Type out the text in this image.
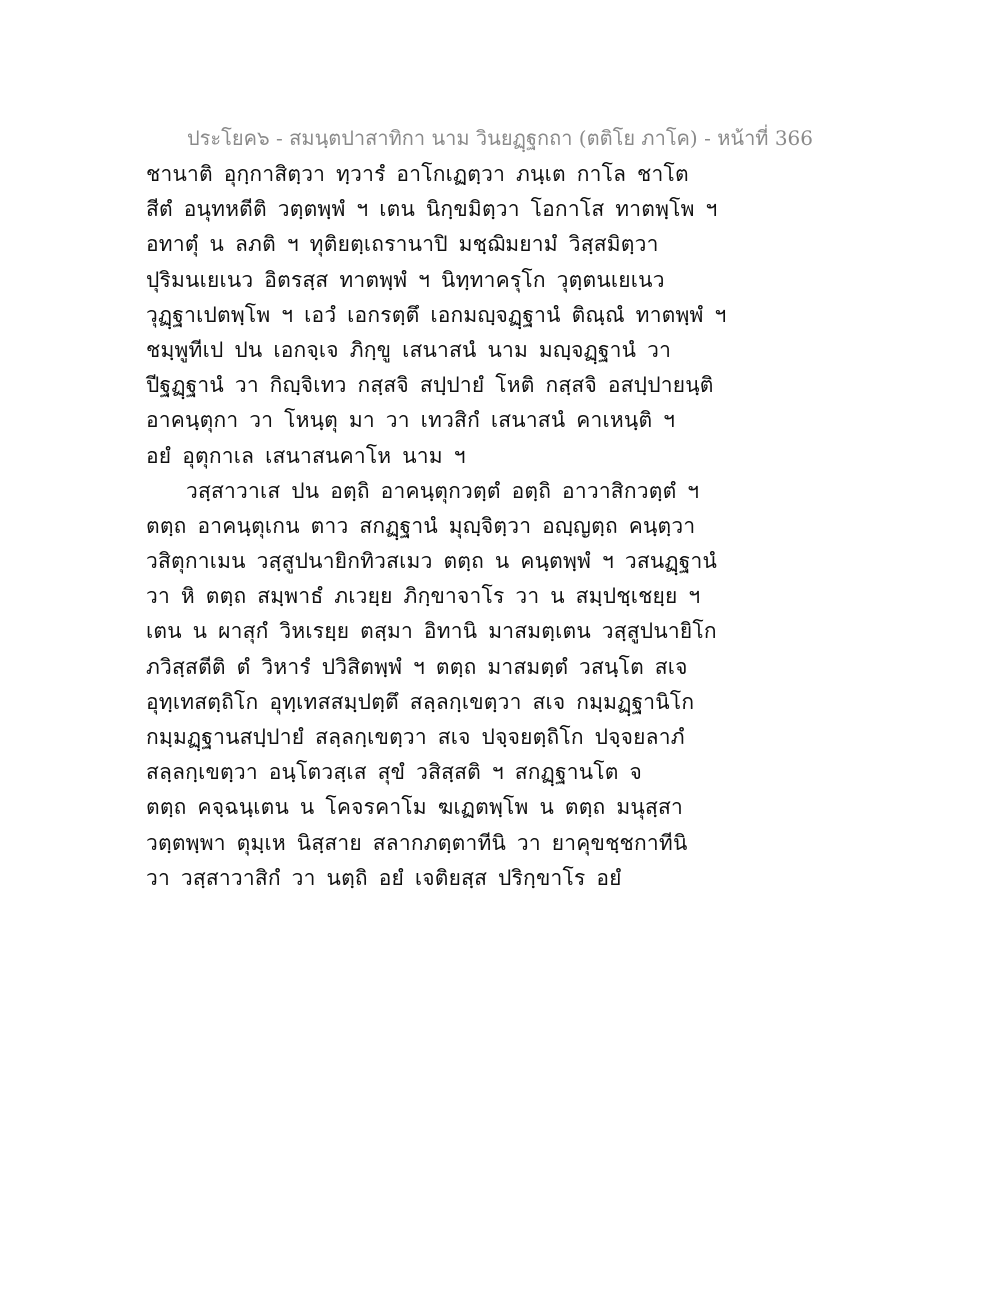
ประโยค๖ - สมนฺตปาสาทิกา นาม วินยฏฺฐกถา (ตติโย ภาโค) - หน้าที่ 366
ชานาติ อุกฺกาสิตฺวา ทฺวารํ อาโกเฏตฺวา ภนฺเต กาโล ชาโต
สีตํ อนุทหตีติ วตฺตพฺพํ ฯ เตน นิกฺขมิตฺวา โอกาโส ทาตพฺโพ ฯ
อทาตุํ น ลภติ ฯ ทุติยตฺเถรานาปิ มชฺฌิมยามํ วิสฺสมิตฺวา
ปุริมนเยเนว อิตรสฺส ทาตพฺพํ ฯ นิทฺทาครุโก วุตฺตนเยเนว
วุฏฺฐาเปตพฺโพ ฯ เอวํ เอกรตฺตึ เอกมญฺจฏฺฐานํ ติณฺณํ ทาตพฺพํ ฯ
ชมฺพูทีเป ปน เอกจฺเจ ภิกฺขู เสนาสนํ นาม มญฺจฏฺฐานํ วา
ปีฐฏฺฐานํ วา กิญฺจิเทว กสฺสจิ สปฺปายํ โหติ กสฺสจิ อสปฺปายนฺติ
อาคนฺตุกา วา โหนฺตุ มา วา เทวสิกํ เสนาสนํ คาเหนฺติ ฯ
อยํ อุตุกาเล เสนาสนคาโห นาม ฯ
วสฺสาวาเส ปน อตฺถิ อาคนฺตุกวตฺตํ อตฺถิ อาวาสิกวตฺตํ ฯ
ตตฺถ อาคนฺตุเกน ตาว สกฏฺฐานํ มุญฺจิตฺวา อญฺญตฺถ คนฺตฺวา
วสิตุกาเมน วสฺสูปนายิกทิวสเมว ตตฺถ น คนฺตพฺพํ ฯ วสนฏฺฐานํ
วา หิ ตตฺถ สมฺพาธํ ภเวยฺย ภิกฺขาจาโร วา น สมฺปชฺเชยฺย ฯ
เตน น ผาสุกํ วิหเรยฺย ตสฺมา อิทานิ มาสมตฺเตน วสฺสูปนายิโก
ภวิสฺสตีติ ตํ วิหารํ ปวิสิตพฺพํ ฯ ตตฺถ มาสมตฺตํ วสนฺโต สเจ
อุทฺเทสตฺถิโก อุทฺเทสสมฺปตฺตึ สลฺลกฺเขตฺวา สเจ กมฺมฏฺฐานิโก
กมฺมฏฺฐานสปฺปายํ สลฺลกฺเขตฺวา สเจ ปจฺจยตฺถิโก ปจฺจยลาภํ
สลฺลกฺเขตฺวา อนฺโตวสฺเส สุขํ วสิสฺสติ ฯ สกฏฺฐานโต จ
ตตฺถ คจฺฉนฺเตน น โคจรคาโม ฆเฏตพฺโพ น ตตฺถ มนุสฺสา
วตฺตพฺพา ตุมฺเห นิสฺสาย สลากภตฺตาทีนิ วา ยาคุขชฺชกาทีนิ
วา วสฺสาวาสิกํ วา นตฺถิ อยํ เจติยสฺส ปริกฺขาโร อยํ
